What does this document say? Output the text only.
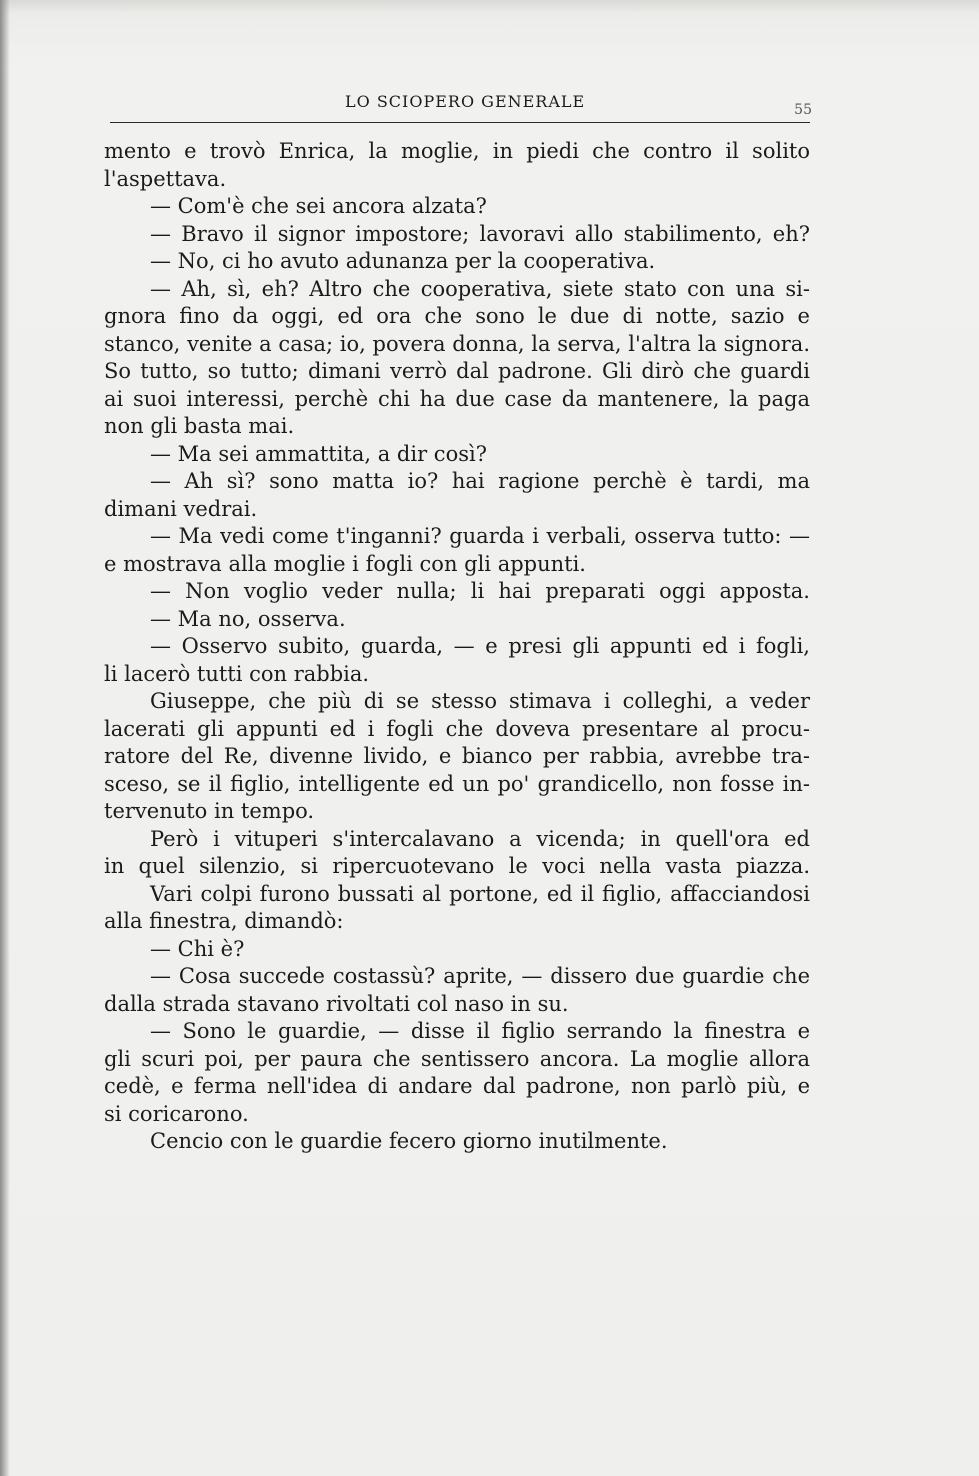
LO SCIOPERO GENERALE	55
mento e trovò Enrica, la moglie, in piedi che contro il solito
l'aspettava.
— Com'è che sei ancora alzata?
— Bravo il signor impostore; lavoravi allo stabilimento, eh?
— No, ci ho avuto adunanza per la cooperativa.
— Ah, sì, eh? Altro che cooperativa, siete stato con una si-
gnora fino da oggi, ed ora che sono le due di notte, sazio e
stanco, venite a casa; io, povera donna, la serva, l'altra la signora.
So tutto, so tutto; dimani verrò dal padrone. Gli dirò che guardi
ai suoi interessi, perchè chi ha due case da mantenere, la paga
non gli basta mai.
— Ma sei ammattita, a dir così?
— Ah sì? sono matta io? hai ragione perchè è tardi, ma
dimani vedrai.
— Ma vedi come t'inganni? guarda i verbali, osserva tutto: —
e mostrava alla moglie i fogli con gli appunti.
— Non voglio veder nulla; li hai preparati oggi apposta.
— Ma no, osserva.
— Osservo subito, guarda, — e presi gli appunti ed i fogli,
li lacerò tutti con rabbia.
Giuseppe, che più di se stesso stimava i colleghi, a veder
lacerati gli appunti ed i fogli che doveva presentare al procu-
ratore del Re, divenne livido, e bianco per rabbia, avrebbe tra-
sceso, se il figlio, intelligente ed un po' grandicello, non fosse in-
tervenuto in tempo.
Però i vituperi s'intercalavano a vicenda; in quell'ora ed
in quel silenzio, si ripercuotevano le voci nella vasta piazza.
Vari colpi furono bussati al portone, ed il figlio, affacciandosi
alla finestra, dimandò:
— Chi è?
— Cosa succede costassù? aprite, — dissero due guardie che
dalla strada stavano rivoltati col naso in su.
— Sono le guardie, — disse il figlio serrando la finestra e
gli scuri poi, per paura che sentissero ancora. La moglie allora
cedè, e ferma nell'idea di andare dal padrone, non parlò più, e
si coricarono.
Cencio con le guardie fecero giorno inutilmente.
